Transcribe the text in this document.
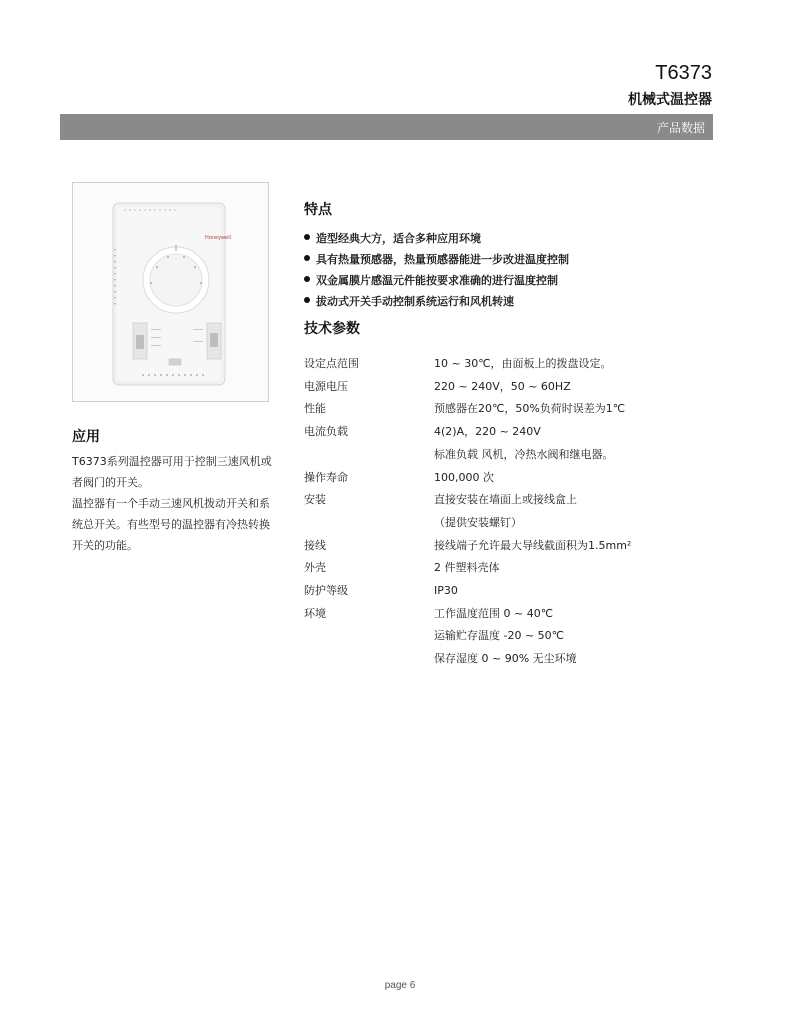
T6373
机械式温控器
产品数据
Honeywell
应用

T6373系列温控器可用于控制三速风机或者阀门的开关。

温控器有一个手动三速风机拨动开关和系统总开关。有些型号的温控器有冷热转换开关的功能。

特点
造型经典大方，适合多种应用环境
具有热量预感器，热量预感器能进一步改进温度控制
双金属膜片感温元件能按要求准确的进行温度控制
拔动式开关手动控制系统运行和风机转速
技术参数
设定点范围	10 ~ 30℃，由面板上的拨盘设定。
电源电压	220 ~ 240V，50 ~ 60HZ
性能	预感器在20℃，50%负荷时误差为1℃
电流负载	4(2)A，220 ~ 240V
标准负载 风机，冷热水阀和继电器。
操作寿命	100,000 次
安装	直接安装在墙面上或接线盒上
（提供安装螺钉）
接线	接线端子允许最大导线截面积为1.5mm²
外壳	2 件塑料壳体
防护等级	IP30
环境	工作温度范围 0 ~ 40℃
运输贮存温度 -20 ~ 50℃
保存湿度 0 ~ 90% 无尘环境
page 6
